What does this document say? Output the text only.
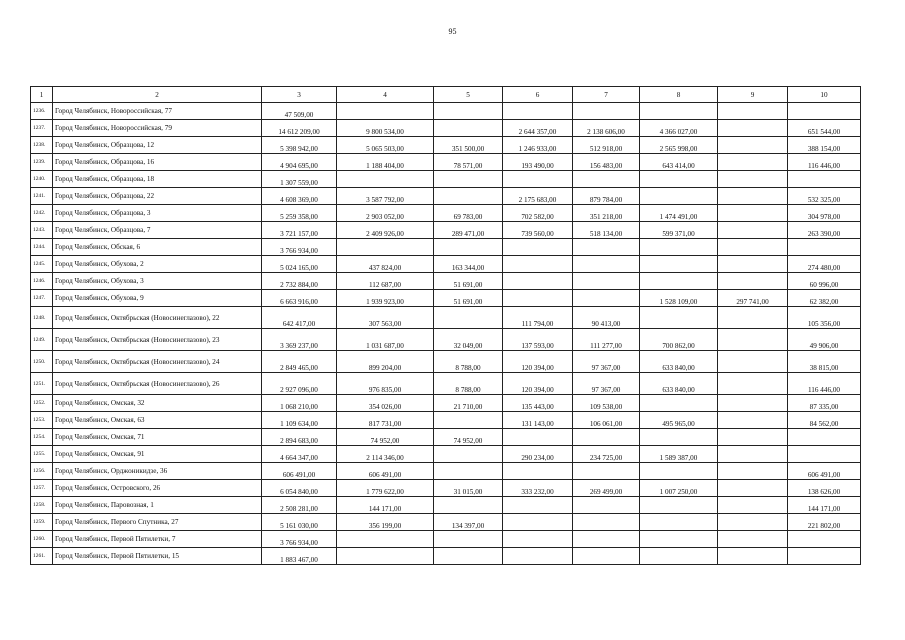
95
1	2	3	4	5	6	7	8	9	10
1236.	Город Челябинск, Новороссийская, 77	47 509,00							
1237.	Город Челябинск, Новороссийская, 79	14 612 209,00	9 800 534,00		2 644 357,00	2 138 606,00	4 366 027,00		651 544,00
1238.	Город Челябинск, Образцова, 12	5 398 942,00	5 065 503,00	351 500,00	1 246 933,00	512 918,00	2 565 998,00		388 154,00
1239.	Город Челябинск, Образцова, 16	4 904 695,00	1 188 404,00	78 571,00	193 490,00	156 483,00	643 414,00		116 446,00
1240.	Город Челябинск, Образцова, 18	1 307 559,00							
1241.	Город Челябинск, Образцова, 22	4 608 369,00	3 587 792,00		2 175 683,00	879 784,00			532 325,00
1242.	Город Челябинск, Образцова, 3	5 259 358,00	2 903 052,00	69 783,00	702 582,00	351 218,00	1 474 491,00		304 978,00
1243.	Город Челябинск, Образцова, 7	3 721 157,00	2 409 926,00	289 471,00	739 560,00	518 134,00	599 371,00		263 390,00
1244.	Город Челябинск, Обская, 6	3 766 934,00							
1245.	Город Челябинск, Обухова, 2	5 024 165,00	437 824,00	163 344,00					274 480,00
1246.	Город Челябинск, Обухова, 3	2 732 884,00	112 687,00	51 691,00					60 996,00
1247.	Город Челябинск, Обухова, 9	6 663 916,00	1 939 923,00	51 691,00			1 528 109,00	297 741,00	62 382,00
1248.	Город Челябинск, Октябрьская (Новосинеглазово), 22	642 417,00	307 563,00		111 794,00	90 413,00			105 356,00
1249.	Город Челябинск, Октябрьская (Новосинеглазово), 23	3 369 237,00	1 031 687,00	32 049,00	137 593,00	111 277,00	700 862,00		49 906,00
1250.	Город Челябинск, Октябрьская (Новосинеглазово), 24	2 849 465,00	899 204,00	8 788,00	120 394,00	97 367,00	633 840,00		38 815,00
1251.	Город Челябинск, Октябрьская (Новосинеглазово), 26	2 927 096,00	976 835,00	8 788,00	120 394,00	97 367,00	633 840,00		116 446,00
1252.	Город Челябинск, Омская, 32	1 068 210,00	354 026,00	21 710,00	135 443,00	109 538,00			87 335,00
1253.	Город Челябинск, Омская, 63	1 109 634,00	817 731,00		131 143,00	106 061,00	495 965,00		84 562,00
1254.	Город Челябинск, Омская, 71	2 894 683,00	74 952,00	74 952,00					
1255.	Город Челябинск, Омская, 91	4 664 347,00	2 114 346,00		290 234,00	234 725,00	1 589 387,00		
1256.	Город Челябинск, Орджоникидзе, 36	606 491,00	606 491,00						606 491,00
1257.	Город Челябинск, Островского, 26	6 054 840,00	1 779 622,00	31 015,00	333 232,00	269 499,00	1 007 250,00		138 626,00
1258.	Город Челябинск, Паровозная, 1	2 508 281,00	144 171,00						144 171,00
1259.	Город Челябинск, Первого Спутника, 27	5 161 030,00	356 199,00	134 397,00					221 802,00
1260.	Город Челябинск, Первой Пятилетки, 7	3 766 934,00							
1261.	Город Челябинск, Первой Пятилетки, 15	1 883 467,00							
